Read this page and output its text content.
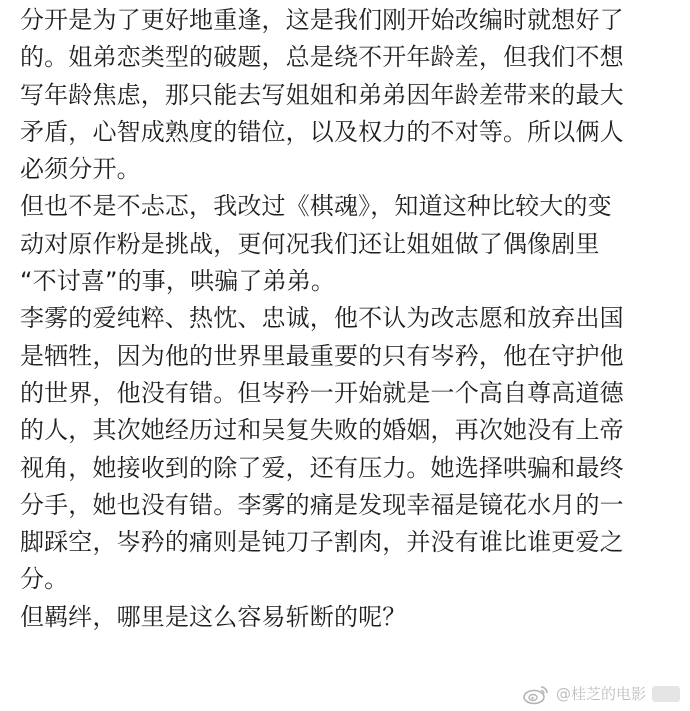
分开是为了更好地重逢，这是我们刚开始改编时就想好了
的。姐弟恋类型的破题，总是绕不开年龄差，但我们不想
写年龄焦虑，那只能去写姐姐和弟弟因年龄差带来的最大
矛盾，心智成熟度的错位，以及权力的不对等。所以俩人
必须分开。
但也不是不忐忑，我改过《棋魂》，知道这种比较大的变
动对原作粉是挑战，更何况我们还让姐姐做了偶像剧里
“不讨喜”的事，哄骗了弟弟。
李雾的爱纯粹、热忱、忠诚，他不认为改志愿和放弃出国
是牺牲，因为他的世界里最重要的只有岑矜，他在守护他
的世界，他没有错。但岑矜一开始就是一个高自尊高道德
的人，其次她经历过和吴复失败的婚姻，再次她没有上帝
视角，她接收到的除了爱，还有压力。她选择哄骗和最终
分手，她也没有错。李雾的痛是发现幸福是镜花水月的一
脚踩空，岑矜的痛则是钝刀子割肉，并没有谁比谁更爱之
分。
但羁绊，哪里是这么容易斩断的呢？
@桂芝的电影
